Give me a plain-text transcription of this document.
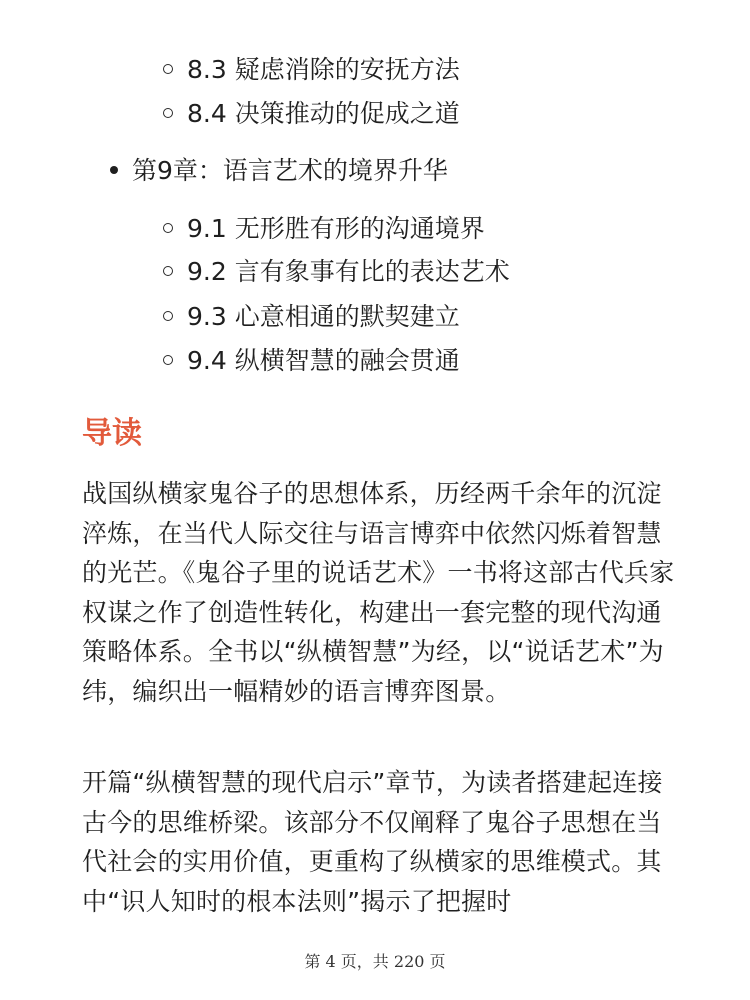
8.3 疑虑消除的安抚方法
8.4 决策推动的促成之道
第9章：语言艺术的境界升华
9.1 无形胜有形的沟通境界
9.2 言有象事有比的表达艺术
9.3 心意相通的默契建立
9.4 纵横智慧的融会贯通
导读

战国纵横家鬼谷子的思想体系，历经两千余年的沉淀淬炼，在当代人际交往与语言博弈中依然闪烁着智慧的光芒。《鬼谷子里的说话艺术》一书将这部古代兵家权谋之作了创造性转化，构建出一套完整的现代沟通策略体系。全书以“纵横智慧”为经，以“说话艺术”为纬，编织出一幅精妙的语言博弈图景。

开篇“纵横智慧的现代启示”章节，为读者搭建起连接古今的思维桥梁。该部分不仅阐释了鬼谷子思想在当代社会的实用价值，更重构了纵横家的思维模式。其中“识人知时的根本法则”揭示了把握时

第 4 页，共 220 页
